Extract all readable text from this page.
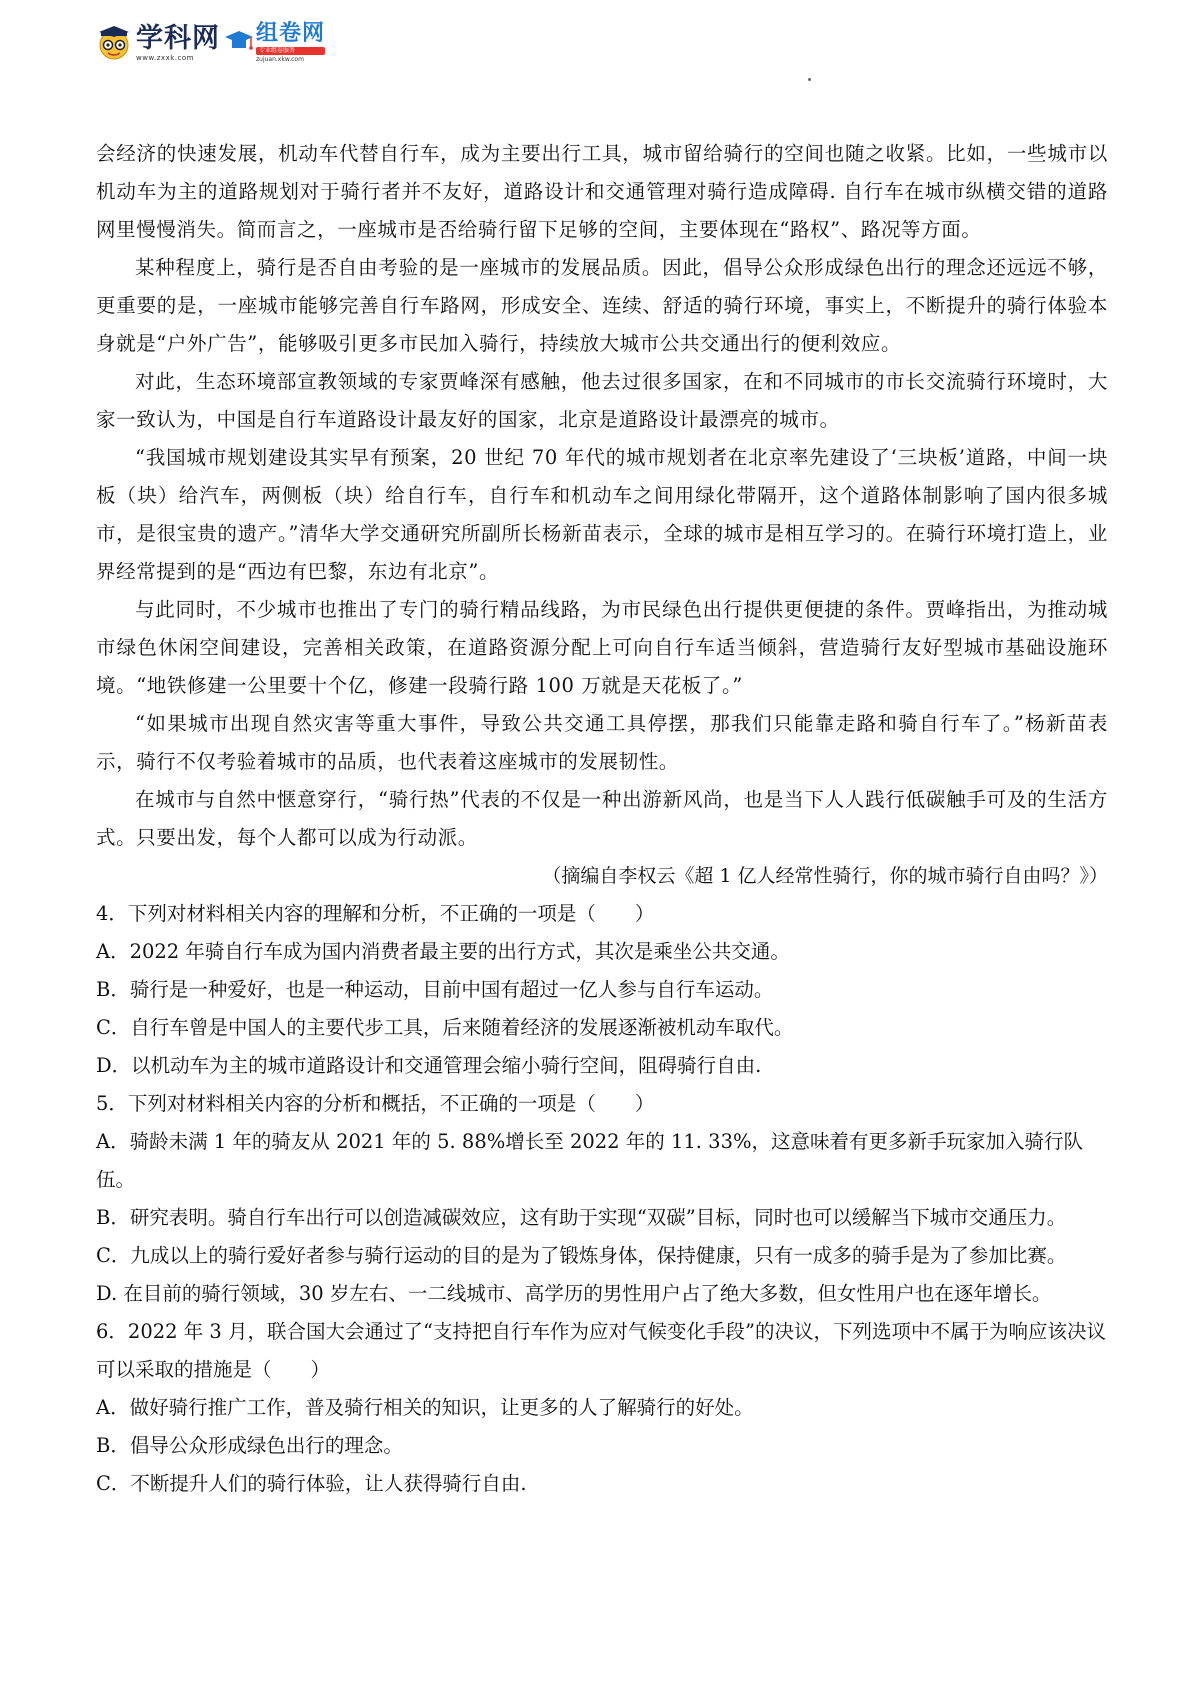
学科网
www.zxxk.com
组卷网
专业组卷服务
zujuan.xkw.com

会经济的快速发展，机动车代替自行车，成为主要出行工具，城市留给骑行的空间也随之收紧。比如，一些城市以机动车为主的道路规划对于骑行者并不友好，道路设计和交通管理对骑行造成障碍. 自行车在城市纵横交错的道路网里慢慢消失。简而言之，一座城市是否给骑行留下足够的空间，主要体现在“路权”、路况等方面。

某种程度上，骑行是否自由考验的是一座城市的发展品质。因此，倡导公众形成绿色出行的理念还远远不够，更重要的是，一座城市能够完善自行车路网，形成安全、连续、舒适的骑行环境，事实上，不断提升的骑行体验本身就是“户外广告”，能够吸引更多市民加入骑行，持续放大城市公共交通出行的便利效应。

对此，生态环境部宣教领域的专家贾峰深有感触，他去过很多国家，在和不同城市的市长交流骑行环境时，大家一致认为，中国是自行车道路设计最友好的国家，北京是道路设计最漂亮的城市。

“我国城市规划建设其实早有预案，20 世纪 70 年代的城市规划者在北京率先建设了‘三块板’道路，中间一块板（块）给汽车，两侧板（块）给自行车，自行车和机动车之间用绿化带隔开，这个道路体制影响了国内很多城市，是很宝贵的遗产。”清华大学交通研究所副所长杨新苗表示，全球的城市是相互学习的。在骑行环境打造上，业界经常提到的是“西边有巴黎，东边有北京”。

与此同时，不少城市也推出了专门的骑行精品线路，为市民绿色出行提供更便捷的条件。贾峰指出，为推动城市绿色休闲空间建设，完善相关政策，在道路资源分配上可向自行车适当倾斜，营造骑行友好型城市基础设施环境。“地铁修建一公里要十个亿，修建一段骑行路 100 万就是天花板了。”

“如果城市出现自然灾害等重大事件，导致公共交通工具停摆，那我们只能靠走路和骑自行车了。”杨新苗表示，骑行不仅考验着城市的品质，也代表着这座城市的发展韧性。

在城市与自然中惬意穿行，“骑行热”代表的不仅是一种出游新风尚，也是当下人人践行低碳触手可及的生活方式。只要出发，每个人都可以成为行动派。

（摘编自李权云《超 1 亿人经常性骑行，你的城市骑行自由吗？》）

4．下列对材料相关内容的理解和分析，不正确的一项是（　　）

A．2022 年骑自行车成为国内消费者最主要的出行方式，其次是乘坐公共交通。

B．骑行是一种爱好，也是一种运动，目前中国有超过一亿人参与自行车运动。

C．自行车曾是中国人的主要代步工具，后来随着经济的发展逐渐被机动车取代。

D．以机动车为主的城市道路设计和交通管理会缩小骑行空间，阻碍骑行自由.

5．下列对材料相关内容的分析和概括，不正确的一项是（　　）

A．骑龄未满 1 年的骑友从 2021 年的 5. 88%增长至 2022 年的 11. 33%，这意味着有更多新手玩家加入骑行队伍。

B．研究表明。骑自行车出行可以创造减碳效应，这有助于实现“双碳”目标，同时也可以缓解当下城市交通压力。

C．九成以上的骑行爱好者参与骑行运动的目的是为了锻炼身体，保持健康，只有一成多的骑手是为了参加比赛。

D. 在目前的骑行领域，30 岁左右、一二线城市、高学历的男性用户占了绝大多数，但女性用户也在逐年增长。

6．2022 年 3 月，联合国大会通过了“支持把自行车作为应对气候变化手段”的决议，下列选项中不属于为响应该决议可以采取的措施是（　　）

A．做好骑行推广工作，普及骑行相关的知识，让更多的人了解骑行的好处。

B．倡导公众形成绿色出行的理念。

C．不断提升人们的骑行体验，让人获得骑行自由.
